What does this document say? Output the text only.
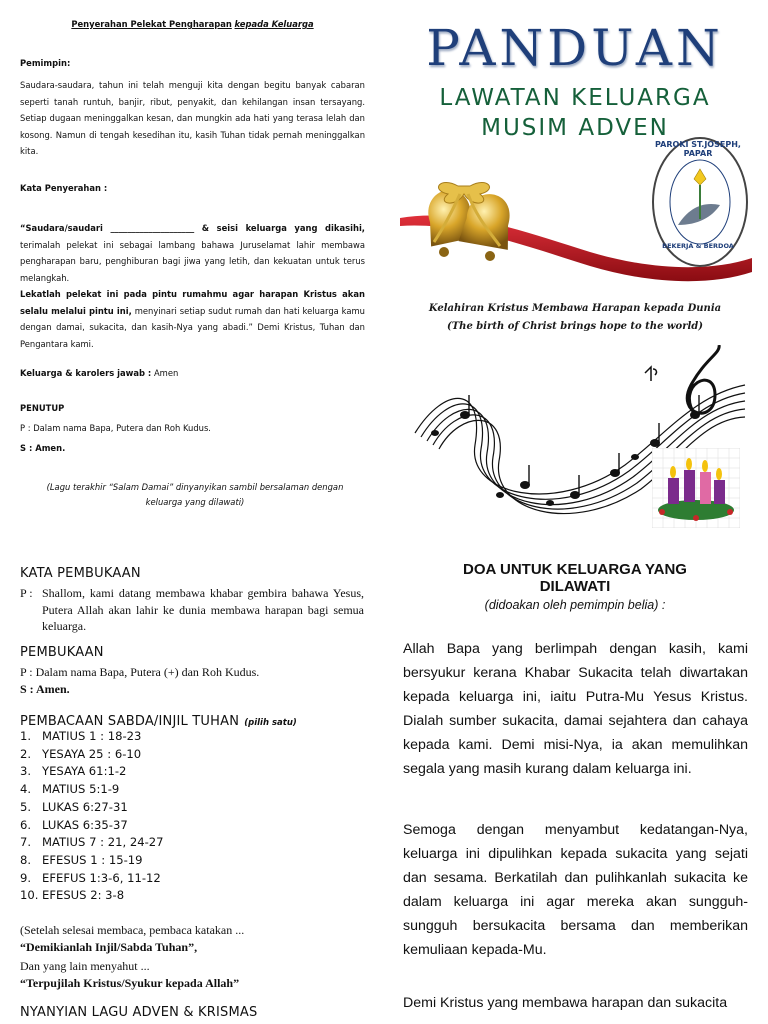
Penyerahan Pelekat Pengharapan kepada Keluarga
Pemimpin:
Saudara-saudara, tahun ini telah menguji kita dengan begitu banyak cabaran seperti tanah runtuh, banjir, ribut, penyakit, dan kehilangan insan tersayang. Setiap dugaan meninggalkan kesan, dan mungkin ada hati yang terasa lelah dan kosong. Namun di tengah kesedihan itu, kasih Tuhan tidak pernah meninggalkan kita.
Kata Penyerahan :
“Saudara/saudari ____________________ & seisi keluarga yang dikasihi, terimalah pelekat ini sebagai lambang bahawa Juruselamat lahir membawa pengharapan baru, penghiburan bagi jiwa yang letih, dan kekuatan untuk terus melangkah.
Lekatlah pelekat ini pada pintu rumahmu agar harapan Kristus akan selalu melalui pintu ini, menyinari setiap sudut rumah dan hati keluarga kamu dengan damai, sukacita, dan kasih-Nya yang abadi.” Demi Kristus, Tuhan dan Pengantara kami.
Keluarga & karolers jawab : Amen
PENUTUP
P : Dalam nama Bapa, Putera dan Roh Kudus.
S : Amen.
(Lagu terakhir “Salam Damai” dinyanyikan sambil bersalaman dengan keluarga yang dilawati)
KATA PEMBUKAAN
P : Shallom, kami datang membawa khabar gembira bahawa Yesus, Putera Allah akan lahir ke dunia membawa harapan bagi semua keluarga.
PEMBUKAAN
P : Dalam nama Bapa, Putera (+) dan Roh Kudus.
S : Amen.
PEMBACAAN SABDA/INJIL TUHAN (pilih satu)
1. MATIUS 1 : 18-23
2. YESAYA 25 : 6-10
3. YESAYA 61:1-2
4. MATIUS 5:1-9
5. LUKAS 6:27-31
6. LUKAS 6:35-37
7. MATIUS 7 : 21, 24-27
8. EFESUS 1 : 15-19
9. EFEFUS 1:3-6, 11-12
10. EFESUS 2: 3-8
(Setelah selesai membaca, pembaca katakan ...
“Demikianlah Injil/Sabda Tuhan”,
Dan yang lain menyahut ...
“Terpujilah Kristus/Syukur kepada Allah”
NYANYIAN LAGU ADVEN & KRISMAS
PANDUAN
LAWATAN KELUARGA
MUSIM ADVEN
PAROKI ST.JOSEPH, PAPAR
BEKERJA & BERDOA
Kelahiran Kristus Membawa Harapan kepada Dunia
(The birth of Christ brings hope to the world)
DOA UNTUK KELUARGA YANG
DILAWATI
(didoakan oleh pemimpin belia) :
Allah Bapa yang berlimpah dengan kasih, kami bersyukur kerana Khabar Sukacita telah diwartakan kepada keluarga ini, iaitu Putra-Mu Yesus Kristus. Dialah sumber sukacita, damai sejahtera dan cahaya kepada kami. Demi misi-Nya, ia akan memulihkan segala yang masih kurang dalam keluarga ini.
Semoga dengan menyambut kedatangan-Nya, keluarga ini dipulihkan kepada sukacita yang sejati dan sesama. Berkatilah dan pulihkanlah sukacita ke dalam keluarga ini agar mereka akan sungguh-sungguh bersukacita bersama dan memberikan kemuliaan kepada-Mu.
Demi Kristus yang membawa harapan dan sukacita
